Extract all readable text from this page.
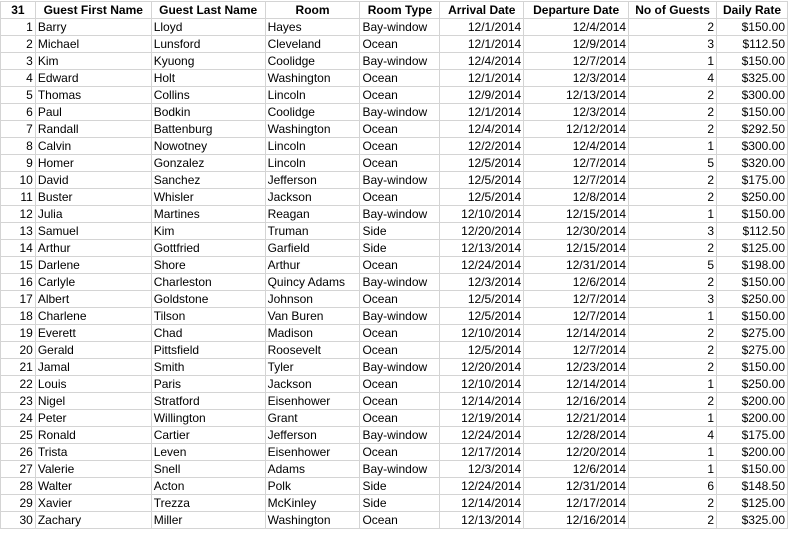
31	Guest First Name	Guest Last Name	Room	Room Type	Arrival Date	Departure Date	No of Guests	Daily Rate
1	Barry	Lloyd	Hayes	Bay-window	12/1/2014	12/4/2014	2	$150.00
2	Michael	Lunsford	Cleveland	Ocean	12/1/2014	12/9/2014	3	$112.50
3	Kim	Kyuong	Coolidge	Bay-window	12/4/2014	12/7/2014	1	$150.00
4	Edward	Holt	Washington	Ocean	12/1/2014	12/3/2014	4	$325.00
5	Thomas	Collins	Lincoln	Ocean	12/9/2014	12/13/2014	2	$300.00
6	Paul	Bodkin	Coolidge	Bay-window	12/1/2014	12/3/2014	2	$150.00
7	Randall	Battenburg	Washington	Ocean	12/4/2014	12/12/2014	2	$292.50
8	Calvin	Nowotney	Lincoln	Ocean	12/2/2014	12/4/2014	1	$300.00
9	Homer	Gonzalez	Lincoln	Ocean	12/5/2014	12/7/2014	5	$320.00
10	David	Sanchez	Jefferson	Bay-window	12/5/2014	12/7/2014	2	$175.00
11	Buster	Whisler	Jackson	Ocean	12/5/2014	12/8/2014	2	$250.00
12	Julia	Martines	Reagan	Bay-window	12/10/2014	12/15/2014	1	$150.00
13	Samuel	Kim	Truman	Side	12/20/2014	12/30/2014	3	$112.50
14	Arthur	Gottfried	Garfield	Side	12/13/2014	12/15/2014	2	$125.00
15	Darlene	Shore	Arthur	Ocean	12/24/2014	12/31/2014	5	$198.00
16	Carlyle	Charleston	Quincy Adams	Bay-window	12/3/2014	12/6/2014	2	$150.00
17	Albert	Goldstone	Johnson	Ocean	12/5/2014	12/7/2014	3	$250.00
18	Charlene	Tilson	Van Buren	Bay-window	12/5/2014	12/7/2014	1	$150.00
19	Everett	Chad	Madison	Ocean	12/10/2014	12/14/2014	2	$275.00
20	Gerald	Pittsfield	Roosevelt	Ocean	12/5/2014	12/7/2014	2	$275.00
21	Jamal	Smith	Tyler	Bay-window	12/20/2014	12/23/2014	2	$150.00
22	Louis	Paris	Jackson	Ocean	12/10/2014	12/14/2014	1	$250.00
23	Nigel	Stratford	Eisenhower	Ocean	12/14/2014	12/16/2014	2	$200.00
24	Peter	Willington	Grant	Ocean	12/19/2014	12/21/2014	1	$200.00
25	Ronald	Cartier	Jefferson	Bay-window	12/24/2014	12/28/2014	4	$175.00
26	Trista	Leven	Eisenhower	Ocean	12/17/2014	12/20/2014	1	$200.00
27	Valerie	Snell	Adams	Bay-window	12/3/2014	12/6/2014	1	$150.00
28	Walter	Acton	Polk	Side	12/24/2014	12/31/2014	6	$148.50
29	Xavier	Trezza	McKinley	Side	12/14/2014	12/17/2014	2	$125.00
30	Zachary	Miller	Washington	Ocean	12/13/2014	12/16/2014	2	$325.00
